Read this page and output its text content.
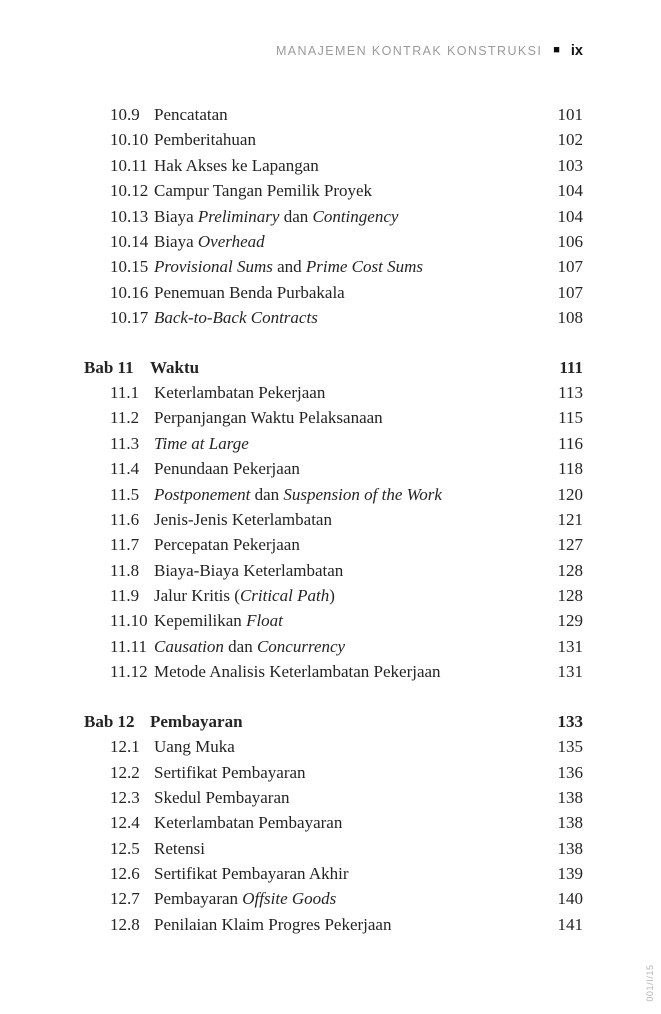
MANAJEMEN KONTRAK KONSTRUKSI ■ ix
10.9 Pencatatan	101
10.10 Pemberitahuan	102
10.11 Hak Akses ke Lapangan	103
10.12 Campur Tangan Pemilik Proyek	104
10.13 Biaya Preliminary dan Contingency	104
10.14 Biaya Overhead	106
10.15 Provisional Sums and Prime Cost Sums	107
10.16 Penemuan Benda Purbakala	107
10.17 Back-to-Back Contracts	108
Bab 11 Waktu	111
11.1 Keterlambatan Pekerjaan	113
11.2 Perpanjangan Waktu Pelaksanaan	115
11.3 Time at Large	116
11.4 Penundaan Pekerjaan	118
11.5 Postponement dan Suspension of the Work	120
11.6 Jenis-Jenis Keterlambatan	121
11.7 Percepatan Pekerjaan	127
11.8 Biaya-Biaya Keterlambatan	128
11.9 Jalur Kritis (Critical Path)	128
11.10 Kepemilikan Float	129
11.11 Causation dan Concurrency	131
11.12 Metode Analisis Keterlambatan Pekerjaan	131
Bab 12 Pembayaran	133
12.1 Uang Muka	135
12.2 Sertifikat Pembayaran	136
12.3 Skedul Pembayaran	138
12.4 Keterlambatan Pembayaran	138
12.5 Retensi	138
12.6 Sertifikat Pembayaran Akhir	139
12.7 Pembayaran Offsite Goods	140
12.8 Penilaian Klaim Progres Pekerjaan	141
001/I/15
